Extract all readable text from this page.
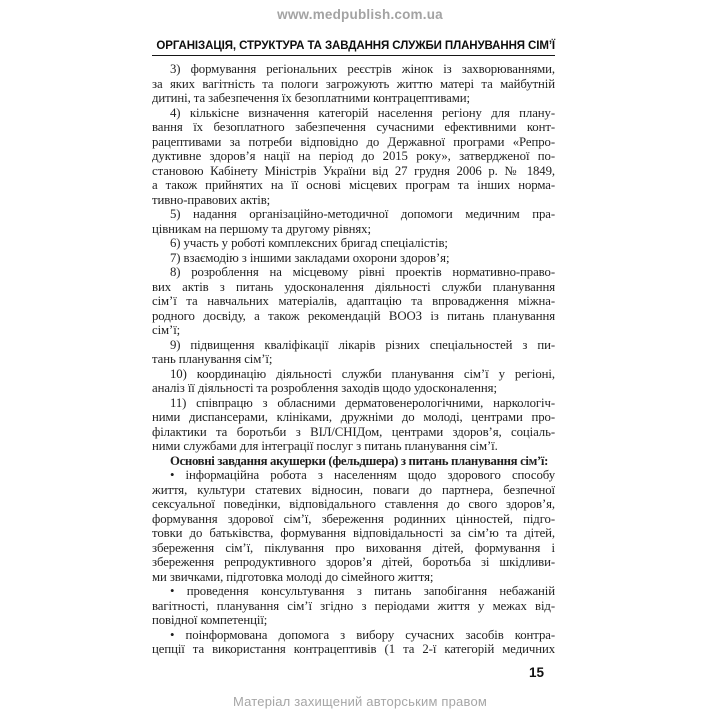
www.medpublish.com.ua
ОРГАНІЗАЦІЯ, СТРУКТУРА ТА ЗАВДАННЯ СЛУЖБИ ПЛАНУВАННЯ СІМ’Ї
3) формування регіональних реєстрів жінок із захворюваннями,
за яких вагітність та пологи загрожують життю матері та майбутній
дитині, та забезпечення їх безоплатними контрацептивами;
4) кількісне визначення категорій населення регіону для плану-
вання їх безоплатного забезпечення сучасними ефективними конт-
рацептивами за потреби відповідно до Державної програми «Репро-
дуктивне здоров’я нації на період до 2015 року», затвердженої по-
становою Кабінету Міністрів України від 27 грудня 2006 р. № 1849,
а також прийнятих на її основі місцевих програм та інших норма-
тивно-правових актів;
5) надання організаційно-методичної допомоги медичним пра-
цівникам на першому та другому рівнях;
6) участь у роботі комплексних бригад спеціалістів;
7) взаємодію з іншими закладами охорони здоров’я;
8) розроблення на місцевому рівні проектів нормативно-право-
вих актів з питань удосконалення діяльності служби планування
сім’ї та навчальних матеріалів, адаптацію та впровадження міжна-
родного досвіду, а також рекомендацій ВООЗ із питань планування
сім’ї;
9) підвищення кваліфікації лікарів різних спеціальностей з пи-
тань планування сім’ї;
10) координацію діяльності служби планування сім’ї у регіоні,
аналіз її діяльності та розроблення заходів щодо удосконалення;
11) співпрацю з обласними дерматовенерологічними, наркологіч-
ними диспансерами, клініками, дружніми до молоді, центрами про-
філактики та боротьби з ВІЛ/СНІДом, центрами здоров’я, соціаль-
ними службами для інтеграції послуг з питань планування сім’ї.
Основні завдання акушерки (фельдшера) з питань планування сім’ї:
• інформаційна робота з населенням щодо здорового способу
життя, культури статевих відносин, поваги до партнера, безпечної
сексуальної поведінки, відповідального ставлення до свого здоров’я,
формування здорової сім’ї, збереження родинних цінностей, підго-
товки до батьківства, формування відповідальності за сім’ю та дітей,
збереження сім’ї, піклування про виховання дітей, формування і
збереження репродуктивного здоров’я дітей, боротьба зі шкідливи-
ми звичками, підготовка молоді до сімейного життя;
• проведення консультування з питань запобігання небажаній
вагітності, планування сім’ї згідно з періодами життя у межах від-
повідної компетенції;
• поінформована допомога з вибору сучасних засобів контра-
цепції та використання контрацептивів (1 та 2-ї категорій медичних
15
Матеріал захищений авторським правом
